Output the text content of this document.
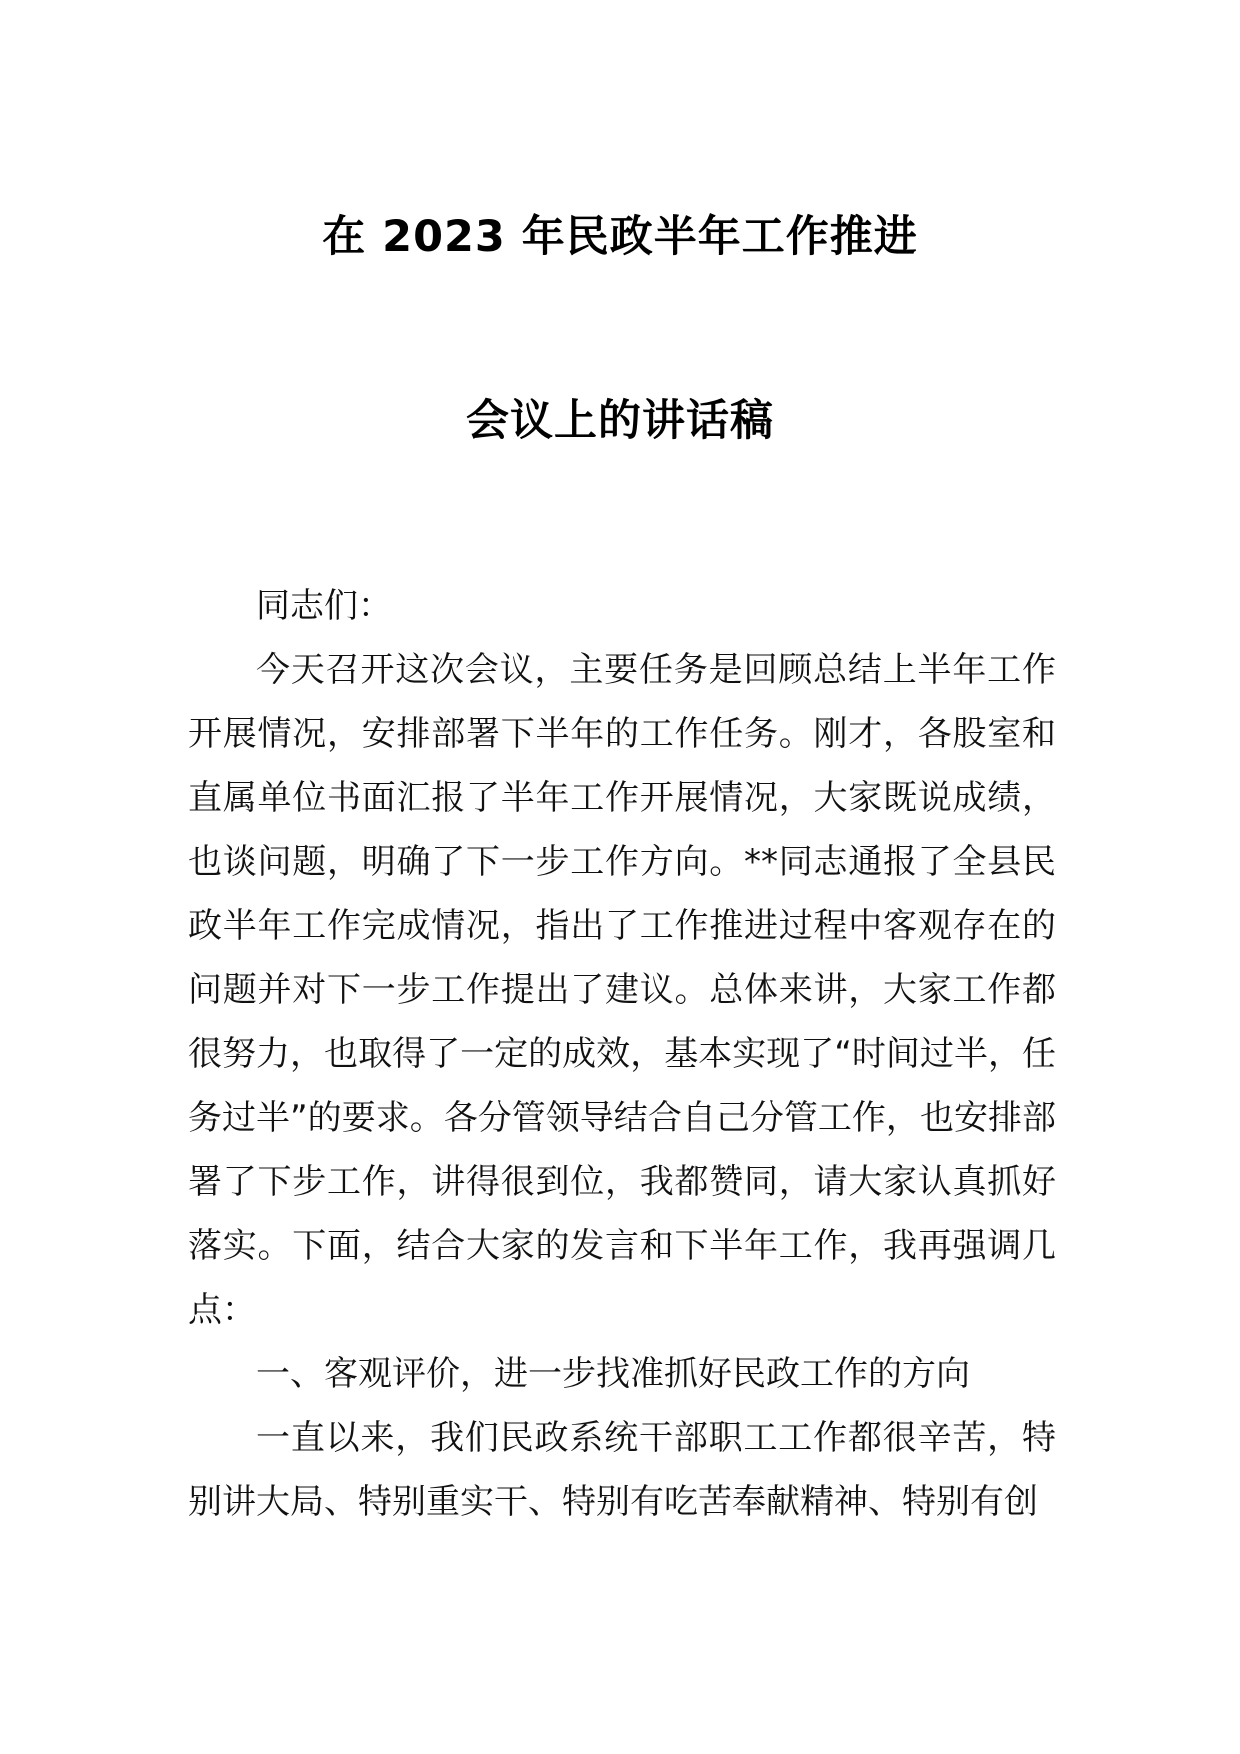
在 2023 年民政半年工作推进
会议上的讲话稿

同志们：

今天召开这次会议，主要任务是回顾总结上半年工作开展情况，安排部署下半年的工作任务。刚才，各股室和直属单位书面汇报了半年工作开展情况，大家既说成绩，也谈问题，明确了下一步工作方向。**同志通报了全县民政半年工作完成情况，指出了工作推进过程中客观存在的问题并对下一步工作提出了建议。总体来讲，大家工作都很努力，也取得了一定的成效，基本实现了“时间过半，任务过半”的要求。各分管领导结合自己分管工作，也安排部署了下步工作，讲得很到位，我都赞同，请大家认真抓好落实。下面，结合大家的发言和下半年工作，我再强调几点：

一、客观评价，进一步找准抓好民政工作的方向

一直以来，我们民政系统干部职工工作都很辛苦，特别讲大局、特别重实干、特别有吃苦奉献精神、特别有创
